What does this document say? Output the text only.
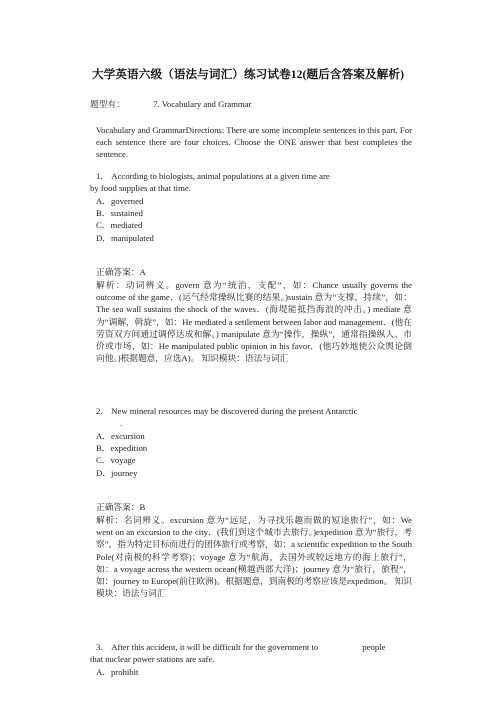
大学英语六级（语法与词汇）练习试卷12(题后含答案及解析)
题型有：	7. Vocabulary and Grammar
Vocabulary and GrammarDirections: There are some incomplete sentences in this part. For each sentence there are four choices. Choose the ONE answer that best completes the sentence.
1.　According to biologists, animal populations at a given time are
by food supplies at that time.
A．governed
B．sustained
C．mediated
D．manipulated
正确答案：A
解析：动词辨义。govern 意为“统治，支配”，如：Chance usually governs the outcome of the game．(运气经常操纵比赛的结果。)sustain 意为“支撑，持续”，如：The sea wall sustains the shock of the waves．(海堤能抵挡海浪的冲击。) mediate 意为“调解，斡旋”，如：He mediated a settlement between labor and management．(他在劳资双方间通过调停达成和解。) manipulate 意为“操作，操纵”，通常指操纵人、市价或市场，如：He manipulated public opinion in his favor．(他巧妙地使公众舆论倒向他。)根据题意，应选A)。 知识模块：语法与词汇
2.　New mineral resources may be discovered during the present Antarctic
.
A．excursion
B．expedition
C．voyage
D．journey
正确答案：B
解析：名词辨义。excursion 意为“远足，为寻找乐趣而做的短途旅行”，如：We went on an excursion to the city．(我们到这个城市去旅行。)expedition 意为“旅行，考察”，指为特定目标而进行的团体旅行或考察，如：a scientific expedition to the South Pole(对南极的科学考察)；voyage 意为“航海，去国外或较远地方的海上旅行”，如：a voyage across the western ocean(横越西部大洋)；journey 意为“旅行，旅程”，如：journey to Europe(前往欧洲)。根据题意，到南极的考察应该是expedition。 知识模块：语法与词汇
3.　After this accident, it will be difficult for the government to	people
that nuclear power stations are safe.
A．prohibit
